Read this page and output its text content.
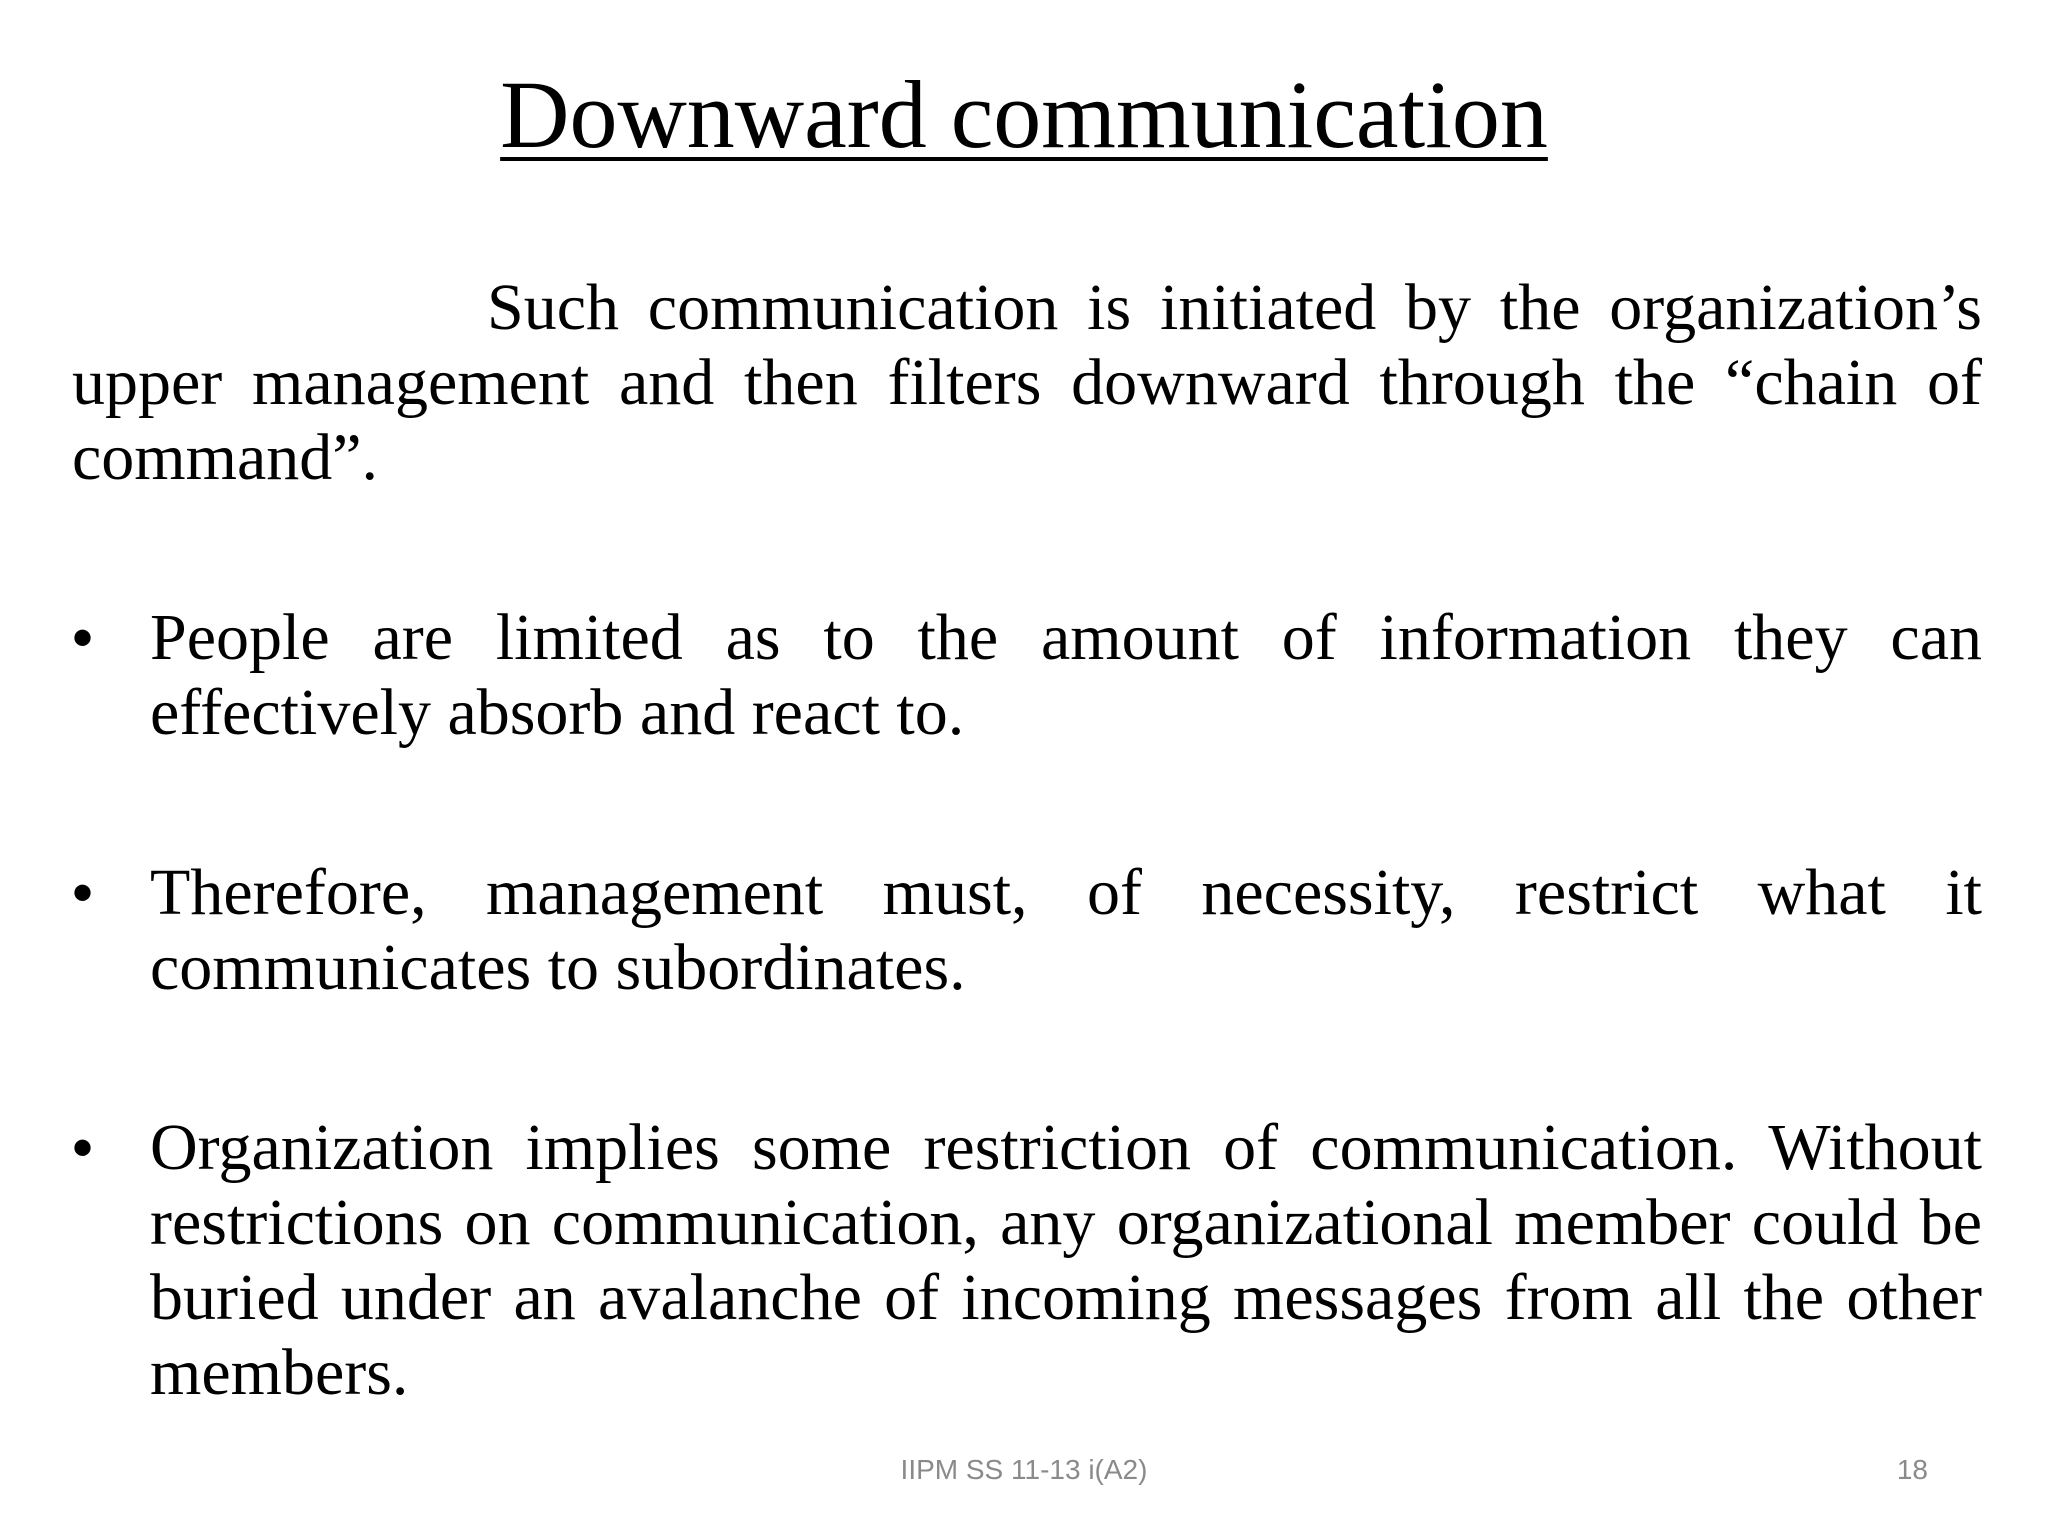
Downward communication

Such communication is initiated by the organization’s upper management and then filters downward through the “chain of command”.

• People are limited as to the amount of information they can effectively absorb and react to.
• Therefore, management must, of necessity, restrict what it communicates to subordinates.
• Organization implies some restriction of communication. Without restrictions on communication, any organizational member could be buried under an avalanche of incoming messages from all the other members.
IIPM SS 11-13 i(A2)	18
